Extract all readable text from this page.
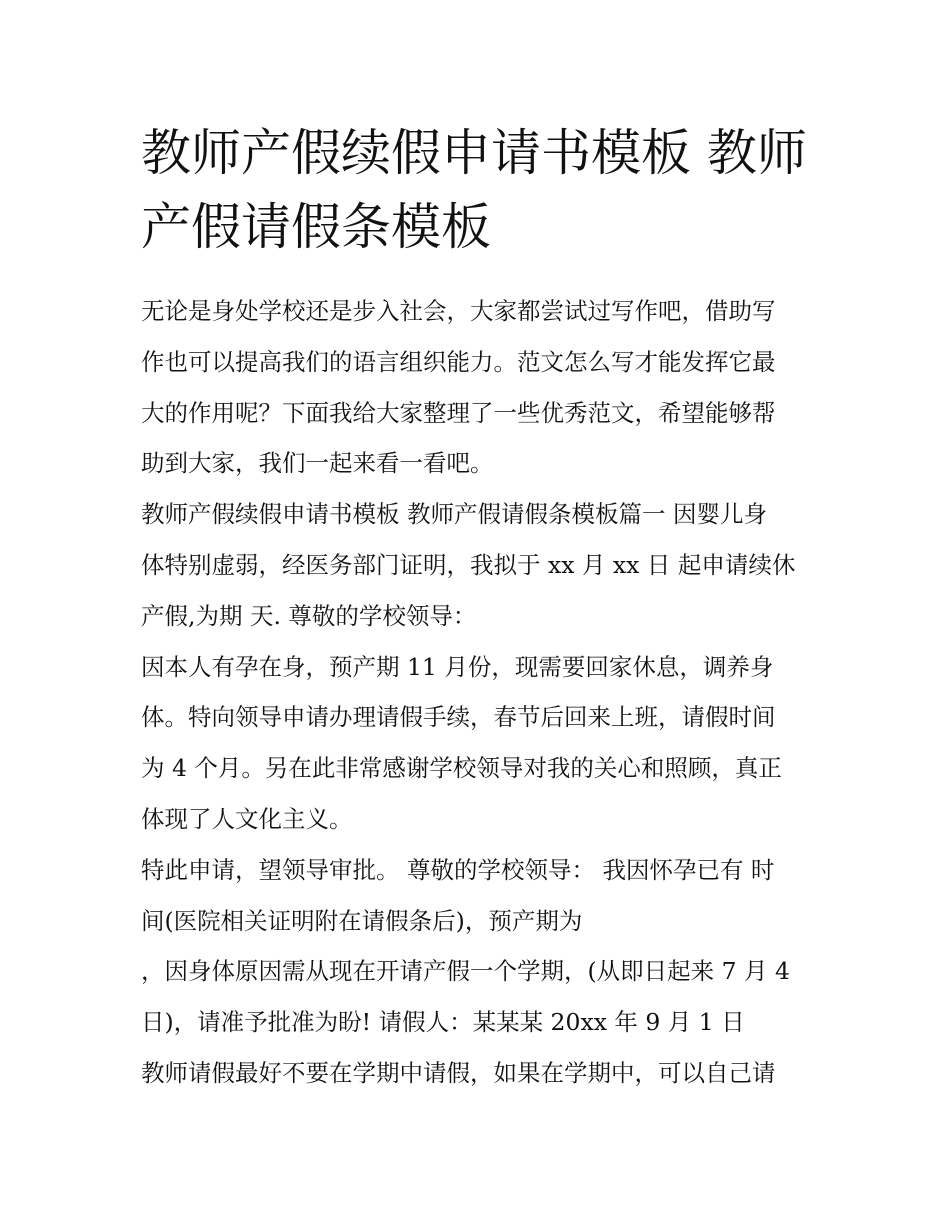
教师产假续假申请书模板 教师
产假请假条模板
无论是身处学校还是步入社会，大家都尝试过写作吧，借助写
作也可以提高我们的语言组织能力。范文怎么写才能发挥它最
大的作用呢？下面我给大家整理了一些优秀范文，希望能够帮
助到大家，我们一起来看一看吧。
教师产假续假申请书模板 教师产假请假条模板篇一 因婴儿身
体特别虚弱，经医务部门证明，我拟于 xx 月 xx 日 起申请续休
产假,为期 天. 尊敬的学校领导：
因本人有孕在身，预产期 11 月份，现需要回家休息，调养身
体。特向领导申请办理请假手续，春节后回来上班，请假时间
为 4 个月。另在此非常感谢学校领导对我的关心和照顾，真正
体现了人文化主义。
特此申请，望领导审批。 尊敬的学校领导： 我因怀孕已有 时
间(医院相关证明附在请假条后)，预产期为
，因身体原因需从现在开请产假一个学期，(从即日起来 7 月 4
日)，请准予批准为盼! 请假人：某某某 20xx 年 9 月 1 日
教师请假最好不要在学期中请假，如果在学期中，可以自己请
